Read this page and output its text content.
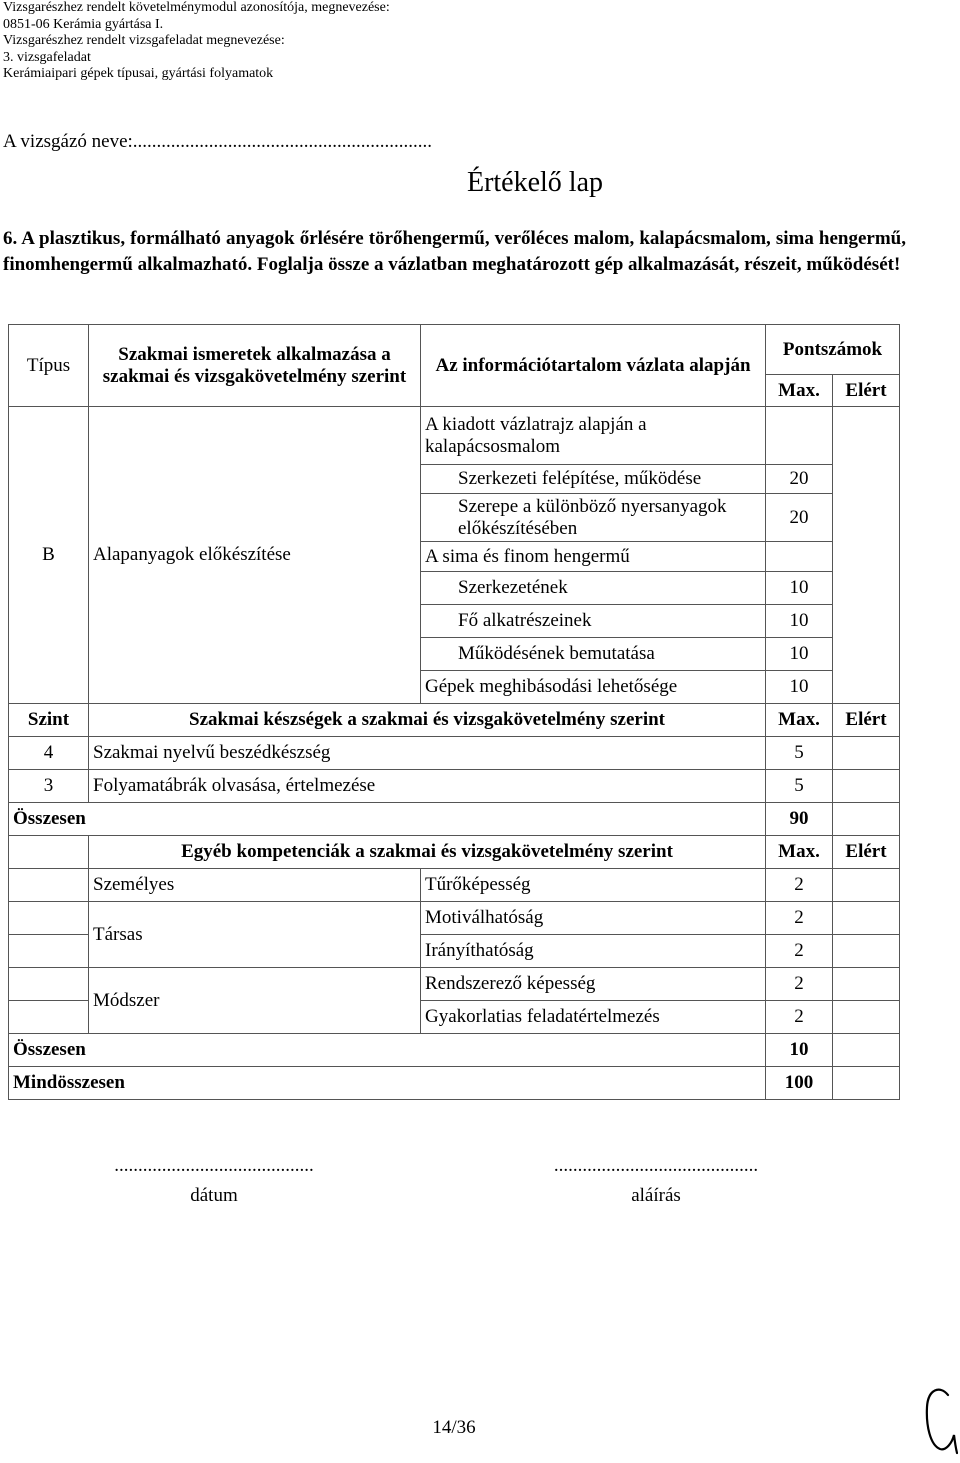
Vizsgarészhez rendelt követelménymodul azonosítója, megnevezése:
0851-06 Kerámia gyártása I.
Vizsgarészhez rendelt vizsgafeladat megnevezése:
3. vizsgafeladat
Kerámiaipari gépek típusai, gyártási folyamatok
A vizsgázó neve:...............................................................
Értékelő lap
6. A plasztikus, formálható anyagok őrlésére törőhengermű, verőléces malom, kalapácsmalom, sima hengermű, finomhengermű alkalmazható. Foglalja össze a vázlatban meghatározott gép alkalmazását, részeit, működését!
Típus	Szakmai ismeretek alkalmazása a szakmai és vizsgakövetelmény szerint	Az információtartalom vázlata alapján	Pontszámok	
			Max.	Elért
B	Alapanyagok előkészítése	A kiadott vázlatrajz alapján a kalapácsosmalom		
		Szerkezeti felépítése, működése	20	
		Szerepe a különböző nyersanyagok előkészítésében	20	
		A sima és finom hengermű		
		Szerkezetének	10	
		Fő alkatrészeinek	10	
		Működésének bemutatása	10	
		Gépek meghibásodási lehetősége	10	
Szint	Szakmai készségek a szakmai és vizsgakövetelmény szerint		Max.	Elért
4	Szakmai nyelvű beszédkészség		5	
3	Folyamatábrák olvasása, értelmezése		5	
Összesen			90	
	Egyéb kompetenciák a szakmai és vizsgakövetelmény szerint		Max.	Elért
	Személyes	Tűrőképesség	2	
	Társas	Motiválhatóság	2	
		Irányíthatóság	2	
	Módszer	Rendszerező képesség	2	
		Gyakorlatias feladatértelmezés	2	
Összesen			10	
Mindösszesen			100	
..........................................
dátum
...........................................
aláírás
14/36
